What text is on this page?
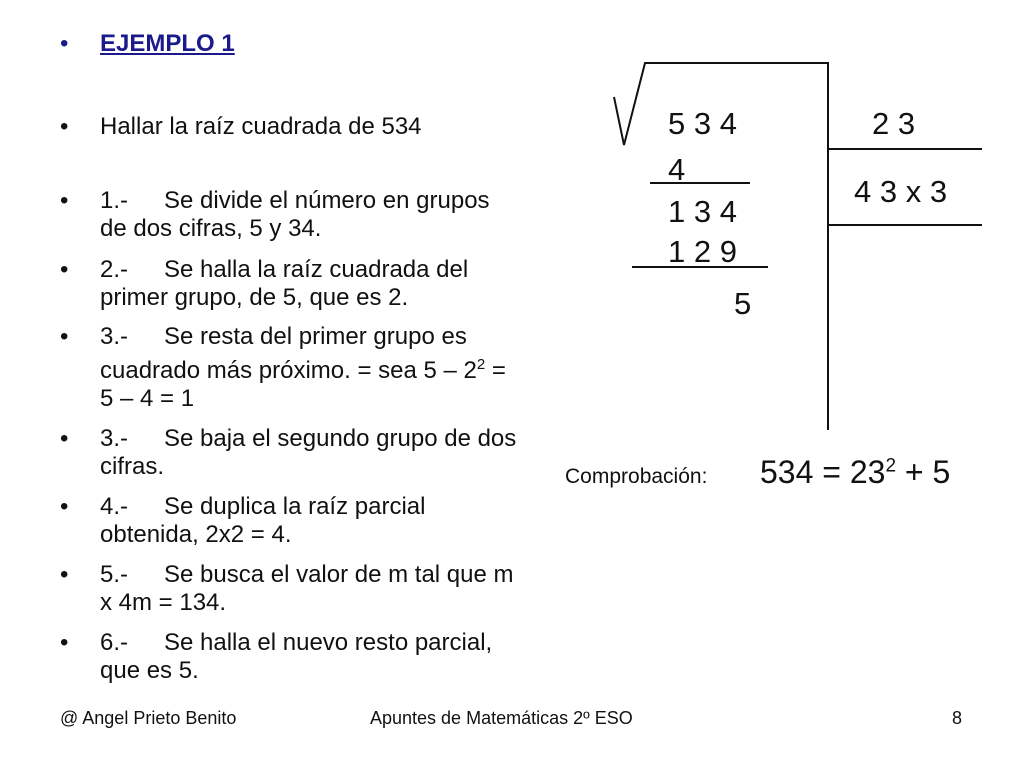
•	EJEMPLO 1
•	Hallar la raíz cuadrada de 534
•	1.- Se divide el número en grupos de dos cifras, 5 y 34.
•	2.- Se halla la raíz cuadrada del primer grupo, de 5, que es 2.
•	3.- Se resta del primer grupo es cuadrado más próximo. = sea $5 - 2^2 = 5 - 4 = 1$
•	3.- Se baja el segundo grupo de dos cifras.
•	4.- Se duplica la raíz parcial obtenida, 2x2 = 4.
•	5.- Se busca el valor de m tal que m x 4m = 134.
•	6.- Se halla el nuevo resto parcial, que es 5.
5 3 4
4
1 3 4
1 2 9
5
2 3
4 3 x 3
Comprobación: $534 = 23^2 + 5$
@ Angel Prieto Benito	Apuntes de Matemáticas 2º ESO	8
